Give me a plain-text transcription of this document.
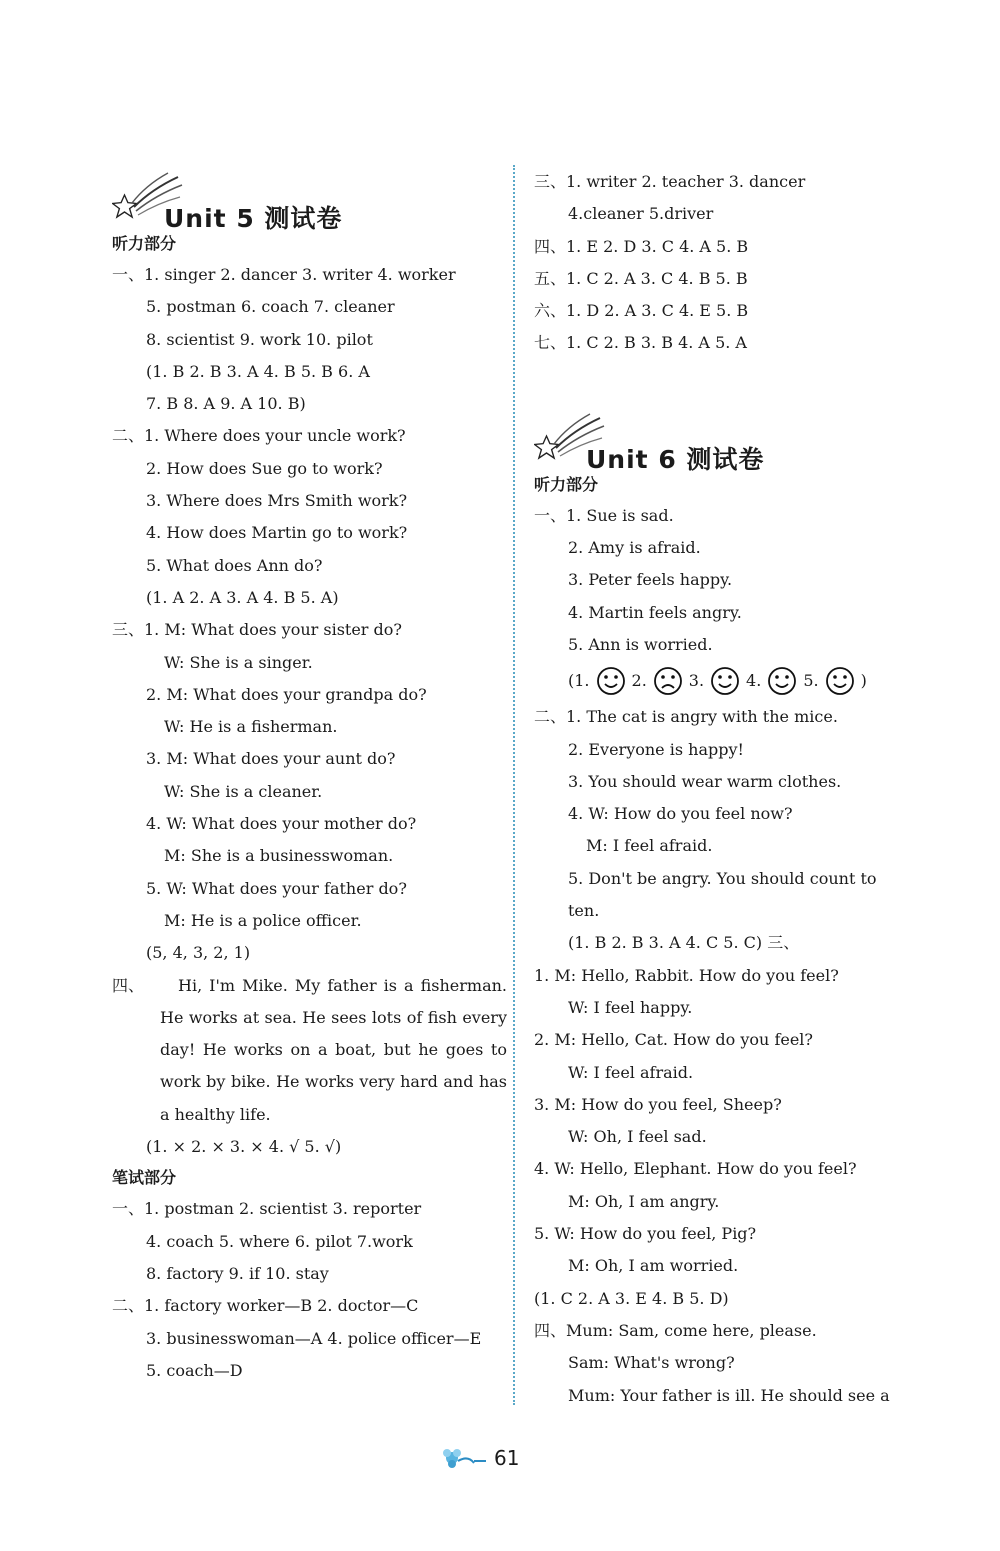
Unit 5 测试卷
听力部分
一、1. singer 2. dancer 3. writer 4. worker
5. postman 6. coach 7. cleaner
8. scientist 9. work 10. pilot
(1. B 2. B 3. A 4. B 5. B 6. A
7. B 8. A 9. A 10. B)
二、1. Where does your uncle work?
2. How does Sue go to work?
3. Where does Mrs Smith work?
4. How does Martin go to work?
5. What does Ann do?
(1. A 2. A 3. A 4. B 5. A)
三、1. M: What does your sister do?
W: She is a singer.
2. M: What does your grandpa do?
W: He is a fisherman.
3. M: What does your aunt do?
W: She is a cleaner.
4. W: What does your mother do?
M: She is a businesswoman.
5. W: What does your father do?
M: He is a police officer.
(5, 4, 3, 2, 1)
四、	Hi, I'm Mike. My father is a fisherman. He works at sea. He sees lots of fish every day! He works on a boat, but he goes to work by bike. He works very hard and has a healthy life.
(1. × 2. × 3. × 4. √ 5. √)
笔试部分
一、1. postman 2. scientist 3. reporter
4. coach 5. where 6. pilot 7.work
8. factory 9. if 10. stay
二、1. factory worker—B 2. doctor—C
3. businesswoman—A 4. police officer—E
5. coach—D
三、1. writer 2. teacher 3. dancer
4.cleaner 5.driver
四、1. E 2. D 3. C 4. A 5. B
五、1. C 2. A 3. C 4. B 5. B
六、1. D 2. A 3. C 4. E 5. B
七、1. C 2. B 3. B 4. A 5. A
Unit 6 测试卷
听力部分
一、1. Sue is sad.
2. Amy is afraid.
3. Peter feels happy.
4. Martin feels angry.
5. Ann is worried.
(1.	2.	3.	4.	5.	)
二、1. The cat is angry with the mice.
2. Everyone is happy!
3. You should wear warm clothes.
4. W: How do you feel now?
M: I feel afraid.
5. Don't be angry. You should count to
ten.
(1. B 2. B 3. A 4. C 5. C) 三、
1. M: Hello, Rabbit. How do you feel?
W: I feel happy.
2. M: Hello, Cat. How do you feel?
W: I feel afraid.
3. M: How do you feel, Sheep?
W: Oh, I feel sad.
4. W: Hello, Elephant. How do you feel?
M: Oh, I am angry.
5. W: How do you feel, Pig?
M: Oh, I am worried.
(1. C 2. A 3. E 4. B 5. D)
四、Mum: Sam, come here, please.
Sam: What's wrong?
Mum: Your father is ill. He should see a
61
